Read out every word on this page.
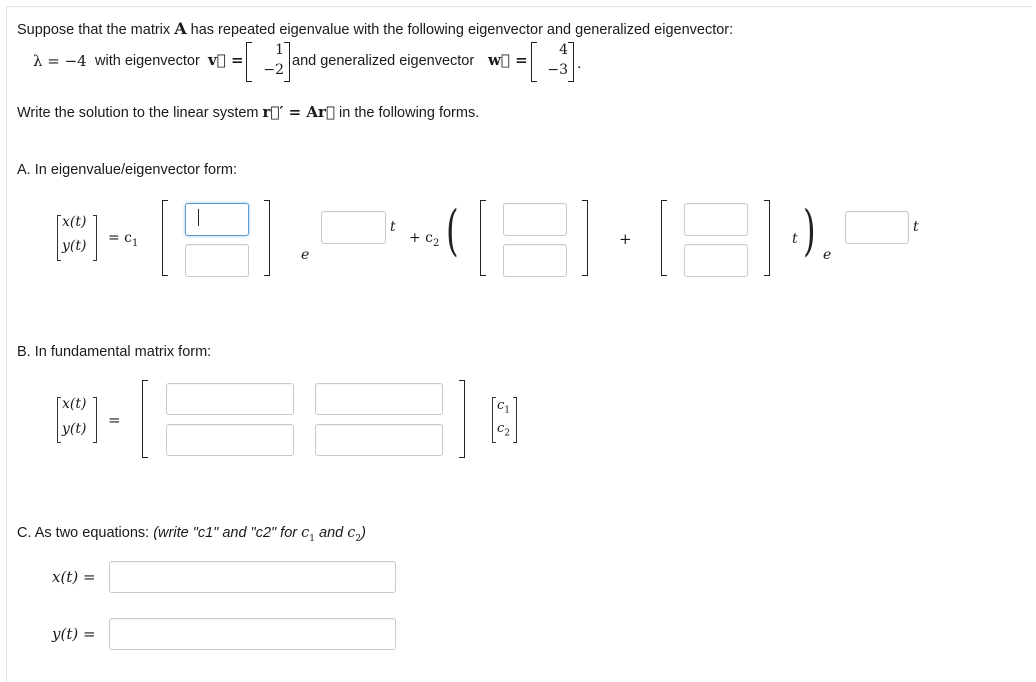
Suppose that the matrix A has repeated eigenvalue with the following eigenvector and generalized eigenvector:
λ = −4 with eigenvector v⃗ =
1
−2
and generalized eigenvector w⃗ =
4
−3 .
Write the solution to the linear system r⃗′ = Ar⃗ in the following forms.
A. In eigenvalue/eigenvector form:
x(t)
$y(t) = c_1$
e
t
+ $c_2$ (	+	t ) e
t
B. In fundamental matrix form:
x(t)
y(t) =
$c_1$
$c_2$
C. As two equations: (write "c1" and "c2" for $c_1$ and $c_2$)
x(t) =
y(t) =
